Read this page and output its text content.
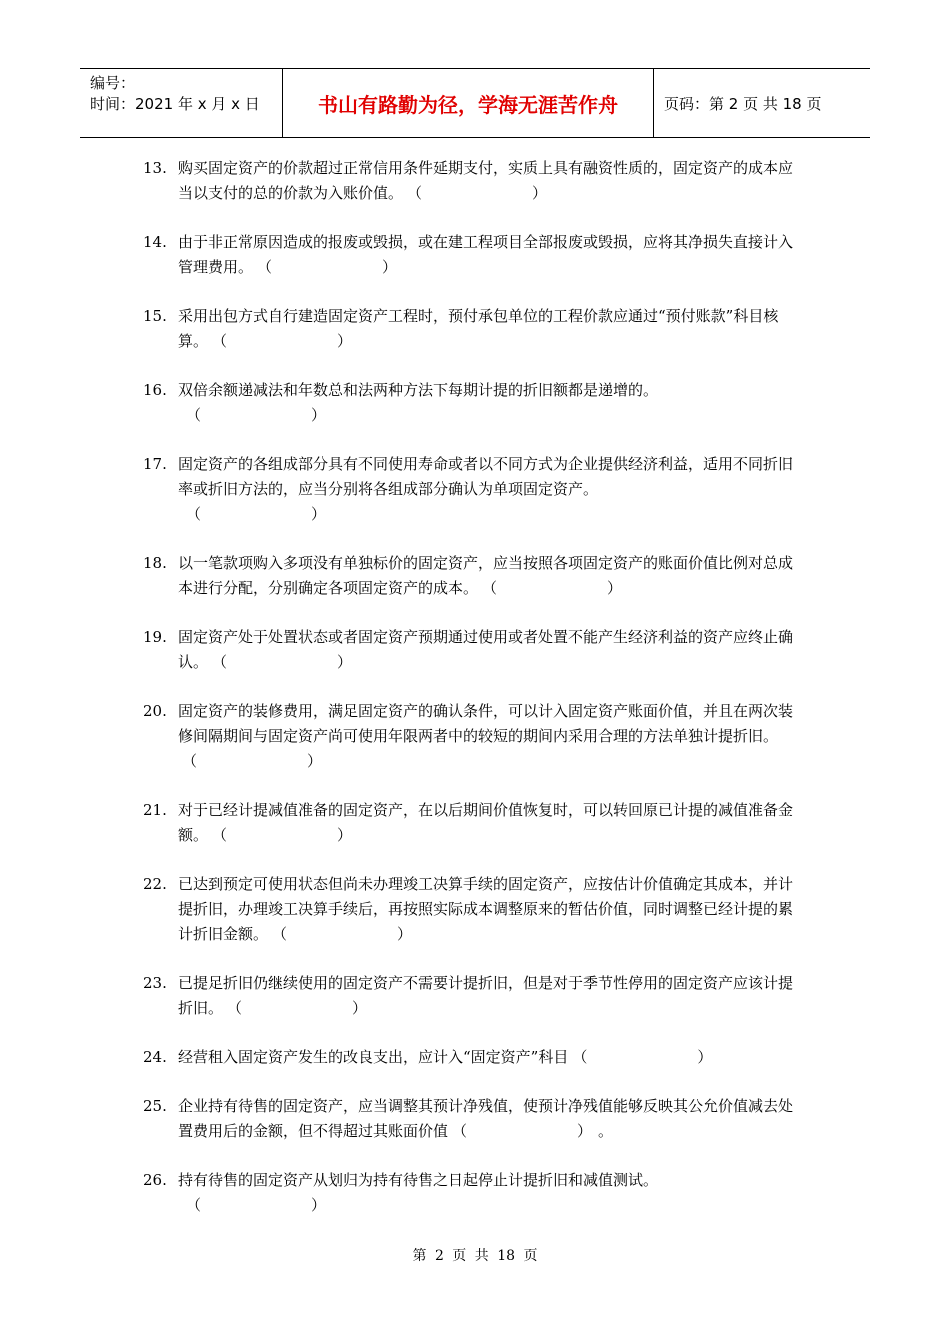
编号：
时间：2021 年 x 月 x 日	书山有路勤为径，学海无涯苦作舟	页码：第 2 页 共 18 页
13. 购买固定资产的价款超过正常信用条件延期支付，实质上具有融资性质的，固定资产的成本应当以支付的总的价款为入账价值。 （	）
14. 由于非正常原因造成的报废或毁损，或在建工程项目全部报废或毁损，应将其净损失直接计入管理费用。 （	）
15. 采用出包方式自行建造固定资产工程时，预付承包单位的工程价款应通过“预付账款”科目核算。 （	）
16. 双倍余额递减法和年数总和法两种方法下每期计提的折旧额都是递增的。
（	）
17. 固定资产的各组成部分具有不同使用寿命或者以不同方式为企业提供经济利益，适用不同折旧率或折旧方法的，应当分别将各组成部分确认为单项固定资产。
（	）
18. 以一笔款项购入多项没有单独标价的固定资产，应当按照各项固定资产的账面价值比例对总成本进行分配，分别确定各项固定资产的成本。 （	）
19. 固定资产处于处置状态或者固定资产预期通过使用或者处置不能产生经济利益的资产应终止确认。 （	）
20. 固定资产的装修费用，满足固定资产的确认条件，可以计入固定资产账面价值，并且在两次装修间隔期间与固定资产尚可使用年限两者中的较短的期间内采用合理的方法单独计提折旧。（	）
21. 对于已经计提减值准备的固定资产，在以后期间价值恢复时，可以转回原已计提的减值准备金额。 （	）
22. 已达到预定可使用状态但尚未办理竣工决算手续的固定资产，应按估计价值确定其成本，并计提折旧，办理竣工决算手续后，再按照实际成本调整原来的暂估价值，同时调整已经计提的累计折旧金额。 （	）
23. 已提足折旧仍继续使用的固定资产不需要计提折旧，但是对于季节性停用的固定资产应该计提折旧。 （	）
24. 经营租入固定资产发生的改良支出，应计入“固定资产”科目 （	）
25. 企业持有待售的固定资产，应当调整其预计净残值，使预计净残值能够反映其公允价值减去处置费用后的金额，但不得超过其账面价值 （	） 。
26. 持有待售的固定资产从划归为持有待售之日起停止计提折旧和减值测试。
（	）
第 2 页 共 18 页
